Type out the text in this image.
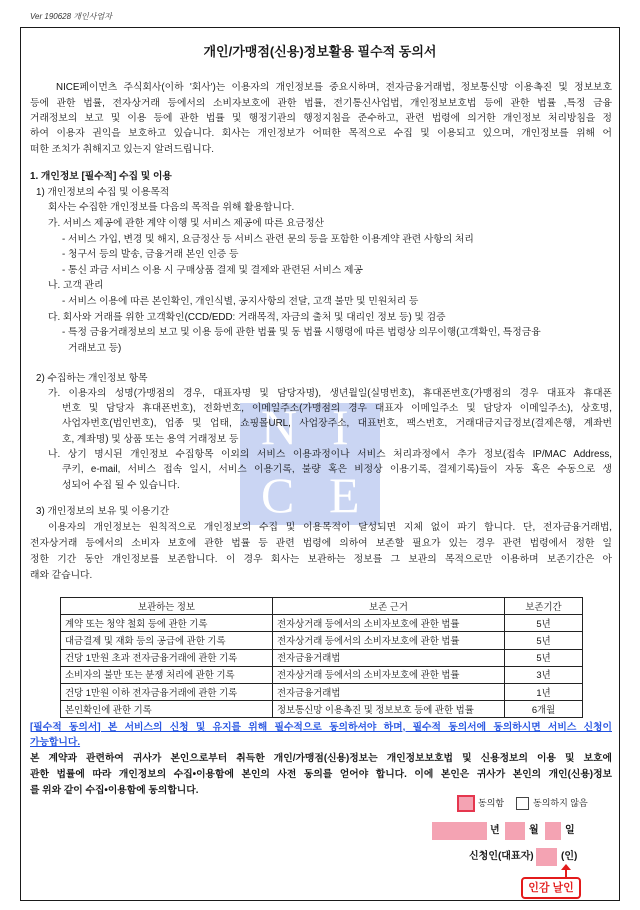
Ver 190628 개인사업자
N I
C E
개인/가맹점(신용)정보활용 필수적 동의서
NICE페이먼츠 주식회사(이하 '회사')는 이용자의 개인정보를 중요시하며, 전자금융거래법, 정보통신망 이용촉진 및 정보보호
등에 관한 법률, 전자상거래 등에서의 소비자보호에 관한 법률, 전기통신사업법, 개인정보보호법 등에 관한 법률 ,특정 금융
거래정보의 보고 및 이용 등에 관한 법률 및 행정기관의 행정지침을 준수하고, 관련 법령에 의거한 개인정보 처리방침을 정
하여 이용자 권익을 보호하고 있습니다. 회사는 개인정보가 어떠한 목적으로 수집 및 이용되고 있으며, 개인정보를 위해 어
떠한 조치가 취해지고 있는지 알려드립니다.
1. 개인정보 [필수적] 수집 및 이용
1) 개인정보의 수집 및 이용목적
회사는 수집한 개인정보를 다음의 목적을 위해 활용합니다.
가. 서비스 제공에 관한 계약 이행 및 서비스 제공에 따른 요금정산
- 서비스 가입, 변경 및 해지, 요금정산 등 서비스 관련 문의 등을 포함한 이용계약 관련 사항의 처리
- 청구서 등의 발송, 금융거래 본인 인증 등
- 통신 과금 서비스 이용 시 구매상품 결제 및 결제와 관련된 서비스 제공
나. 고객 관리
- 서비스 이용에 따른 본인확인, 개인식별, 공지사항의 전달, 고객 불만 및 민원처리 등
다. 회사와 거래를 위한 고객확인(CCD/EDD: 거래목적, 자금의 출처 및 대리인 정보 등) 및 검증
- 특정 금융거래정보의 보고 및 이용 등에 관한 법률 및 동 법률 시행령에 따른 법령상 의무이행(고객확인, 특정금융
거래보고 등)
2) 수집하는 개인정보 항목
가. 이용자의 성명(가맹점의 경우, 대표자명 및 담당자명), 생년월일(실명번호), 휴대폰번호(가맹점의 경우 대표자 휴대폰
번호 및 담당자 휴대폰번호), 전화번호, 이메일주소(가맹점의 경우 대표자 이메일주소 및 담당자 이메일주소), 상호명,
사업자번호(법인번호), 업종 및 업태, 쇼핑몰URL, 사업장주소, 대표번호, 팩스번호, 거래대금지급정보(결제은행, 계좌번
호, 계좌명) 및 상품 또는 용역 거래정보 등
나. 상기 명시된 개인정보 수집항목 이외의 서비스 이용과정이나 서비스 처리과정에서 추가 정보(접속 IP/MAC Address,
쿠키, e-mail, 서비스 접속 일시, 서비스 이용기록, 불량 혹은 비정상 이용기록, 결제기록)들이 자동 혹은 수동으로 생
성되어 수집 될 수 있습니다.
3) 개인정보의 보유 및 이용기간
이용자의 개인정보는 원칙적으로 개인정보의 수집 및 이용목적이 달성되면 지체 없이 파기 합니다. 단, 전자금융거래법,
전자상거래 등에서의 소비자 보호에 관한 법률 등 관련 법령에 의하여 보존할 필요가 있는 경우 관련 법령에서 정한 일
정한 기간 동안 개인정보를 보존합니다. 이 경우 회사는 보관하는 정보를 그 보관의 목적으로만 이용하며 보존기간은 아
래와 같습니다.
보관하는 정보	보존 근거	보존기간
계약 또는 청약 철회 등에 관한 기록	전자상거래 등에서의 소비자보호에 관한 법률	5년
대금결제 및 재화 등의 공급에 관한 기록	전자상거래 등에서의 소비자보호에 관한 법률	5년
건당 1만원 초과 전자금융거래에 관한 기록	전자금융거래법	5년
소비자의 불만 또는 분쟁 처리에 관한 기록	전자상거래 등에서의 소비자보호에 관한 법률	3년
건당 1만원 이하 전자금융거래에 관한 기록	전자금융거래법	1년
본인확인에 관한 기록	정보통신망 이용촉진 및 정보보호 등에 관한 법률	6개월
[필수적 동의서] 본 서비스의 신청 및 유지를 위해 필수적으로 동의하셔야 하며, 필수적 동의서에 동의하시면 서비스 신청이
가능합니다.
본 계약과 관련하여 귀사가 본인으로부터 취득한 개인/가맹점(신용)정보는 개인정보보호법 및 신용정보의 이용 및 보호에
관한 법률에 따라 개인정보의 수집•이용함에 본인의 사전 동의를 얻어야 합니다. 이에 본인은 귀사가 본인의 개인(신용)정보
를 위와 같이 수집•이용함에 동의합니다.
동의함	동의하지 않음
년	월	일
신청인(대표자)	(인)
인감 날인
